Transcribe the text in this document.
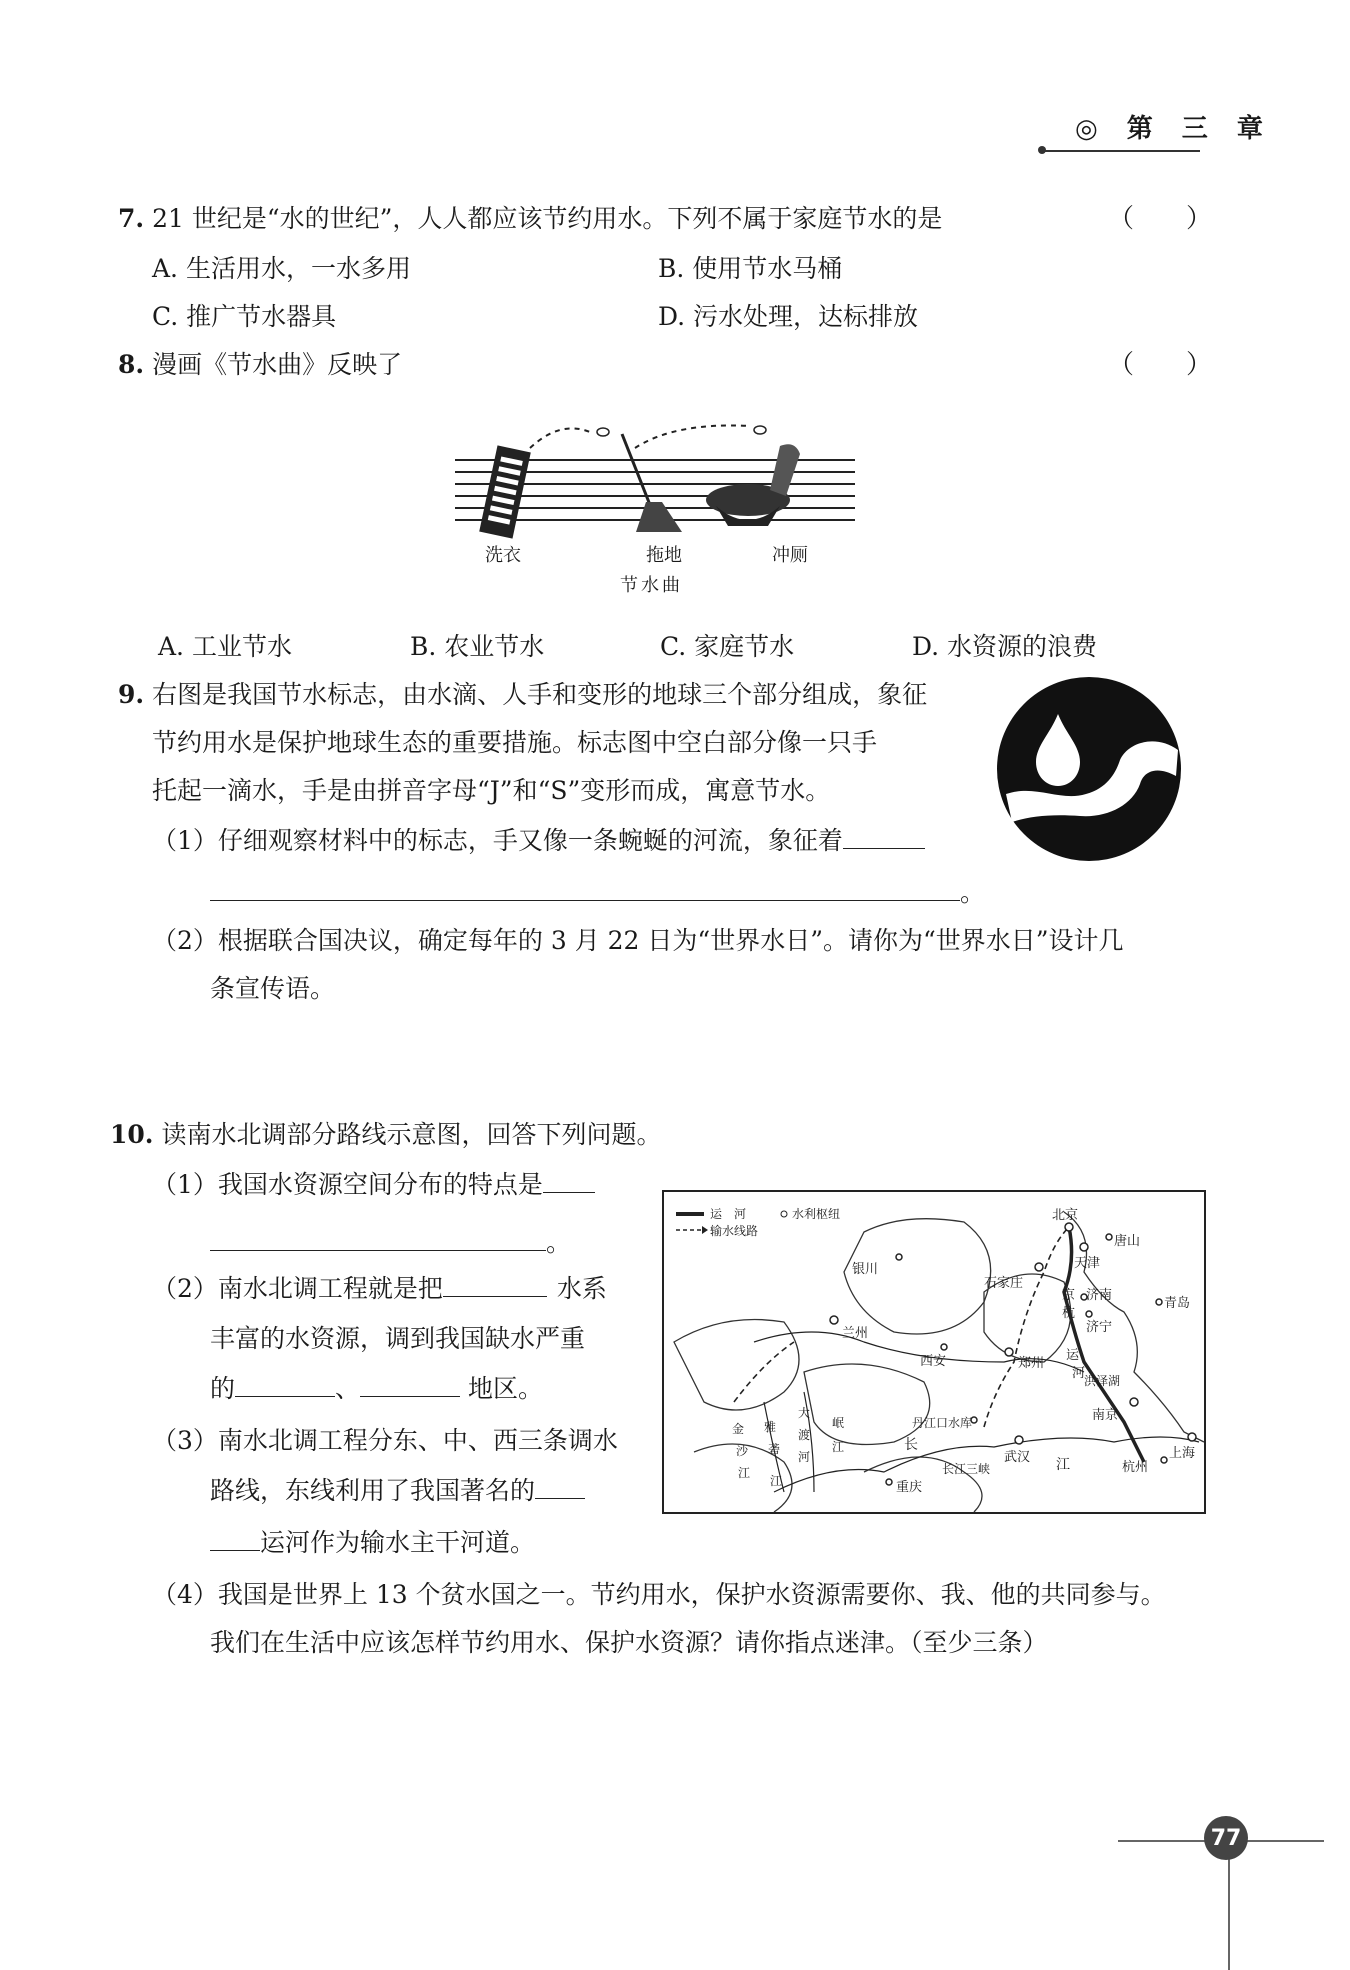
◎ 第 三 章
7. 21 世纪是“水的世纪”，人人都应该节约用水。下列不属于家庭节水的是	（　　）
A. 生活用水，一水多用	B. 使用节水马桶
C. 推广节水器具	D. 污水处理，达标排放
8. 漫画《节水曲》反映了	（　　）
洗衣	拖地	冲厕
节水曲
A. 工业节水	B. 农业节水	C. 家庭节水	D. 水资源的浪费
9. 右图是我国节水标志，由水滴、人手和变形的地球三个部分组成，象征
节约用水是保护地球生态的重要措施。标志图中空白部分像一只手
托起一滴水，手是由拼音字母“J”和“S”变形而成，寓意节水。
（1）仔细观察材料中的标志，手又像一条蜿蜒的河流，象征着
。
（2）根据联合国决议，确定每年的 3 月 22 日为“世界水日”。请你为“世界水日”设计几
条宣传语。
10. 读南水北调部分路线示意图，回答下列问题。
（1）我国水资源空间分布的特点是
。
（2）南水北调工程就是把	水系
丰富的水资源，调到我国缺水严重
的	、	地区。
（3）南水北调工程分东、中、西三条调水
路线，东线利用了我国著名的
运河作为输水主干河道。
运　河	水利枢纽
输水线路
北京
天津
唐山
石家庄
银川
兰州
西安	郑州
济南
济宁
青岛
南京
武汉	上海
杭州
重庆
丹江口水库
长江三峡
洪泽湖
京
杭
运
河
长
江
金
沙
江
雅
砻
江
大
渡
河
岷
江
（4）我国是世界上 13 个贫水国之一。节约用水，保护水资源需要你、我、他的共同参与。
我们在生活中应该怎样节约用水、保护水资源？请你指点迷津。（至少三条）
77
